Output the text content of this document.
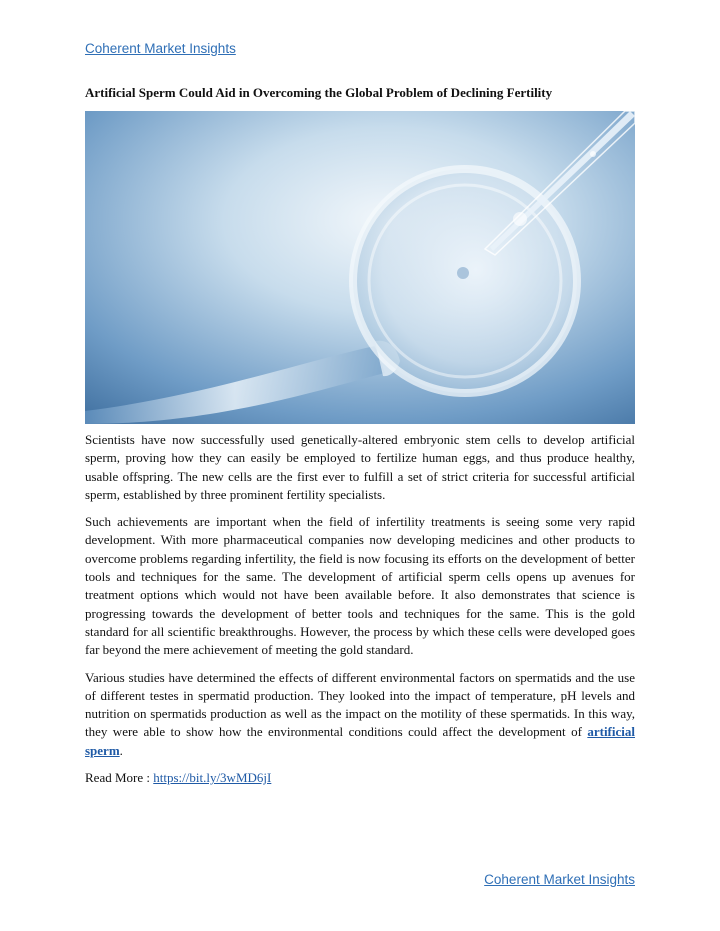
Coherent Market Insights
Artificial Sperm Could Aid in Overcoming the Global Problem of Declining Fertility

Scientists have now successfully used genetically-altered embryonic stem cells to develop artificial sperm, proving how they can easily be employed to fertilize human eggs, and thus produce healthy, usable offspring. The new cells are the first ever to fulfill a set of strict criteria for successful artificial sperm, established by three prominent fertility specialists.

Such achievements are important when the field of infertility treatments is seeing some very rapid development. With more pharmaceutical companies now developing medicines and other products to overcome problems regarding infertility, the field is now focusing its efforts on the development of better tools and techniques for the same. The development of artificial sperm cells opens up avenues for treatment options which would not have been available before. It also demonstrates that science is progressing towards the development of better tools and techniques for the same. This is the gold standard for all scientific breakthroughs. However, the process by which these cells were developed goes far beyond the mere achievement of meeting the gold standard.

Various studies have determined the effects of different environmental factors on spermatids and the use of different testes in spermatid production. They looked into the impact of temperature, pH levels and nutrition on spermatids production as well as the impact on the motility of these spermatids. In this way, they were able to show how the environmental conditions could affect the development of artificial sperm.

Read More : https://bit.ly/3wMD6jI

Coherent Market Insights
